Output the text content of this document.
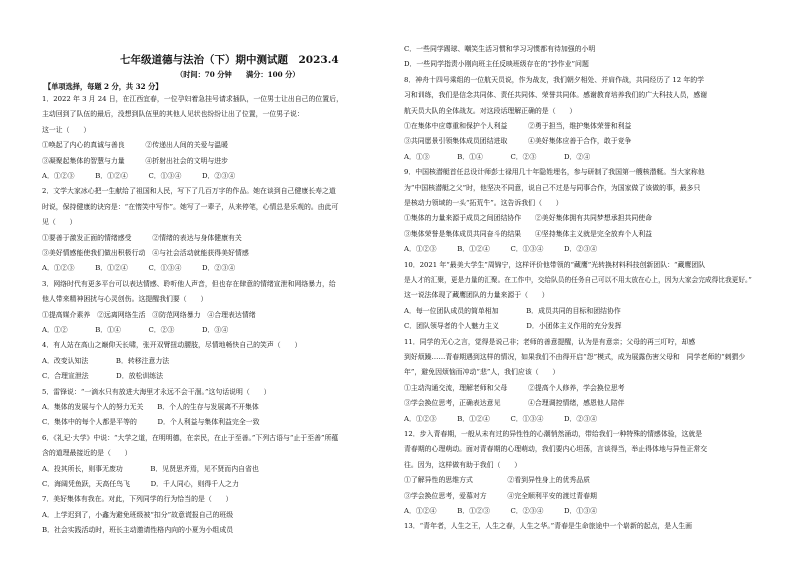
七年级道德与法治（下）期中测试题　2023.4
（时间：70 分钟　　满分：100 分）
【单项选择，每题 2 分，共 32 分】
1．2022 年 3 月 24 日，在江西宜春，一位孕妇着急挂号请求插队，一位男士让出自己的位置后，
主动回到了队伍的最后，没想到队伍里的其他人见状也纷纷让出了位置，一位男子说：
这一让（　　）
①唤起了内心的真诚与善良　　　②传递出人间的关爱与温暖
③凝聚起集体的智慧与力量　　　④折射出社会的文明与进步
A．①②③　　　B．①②④　　　C．①③④　　　D．②③④
2．文学大家冰心把一生献给了祖国和人民，写下了几百万字的作品。她在谈到自己健康长寿之道
时说，保持健康的诀窍是：“在惰笑中写作”。她写了一辈子，从来停笔，心情总是乐观的。由此可
见（　　）
①要善于激发正面的情绪感受　　　②情绪的表达与身体健康有关
③美好情感能使我们做出积极行动　④与社会活动就能获得美好情感
A．①②③　　　B．①②④　　　C．①③④　　　D．②③④
3．网络时代有更多平台可以表达情感、聆听他人声音，但也存在肆意的情绪宣泄和网络暴力，给
他人带来精神困扰与心灵创伤。这提醒我们要（　　）
①提高媒介素养　②远离网络生活　③防范网络暴力　④合理表达情绪
A．①②　　　　B．①④　　　　C．②③　　　　D．③④
4．有人站在高山之巅仰天长啸，张开双臂扭动腰肢，尽情地畅快自己的笑声（　　）
A．改变认知法　　　　B．转移注意力法
C．合理宣泄法　　　　D．放松训练法
5．雷锋说：“一滴水只有放进大海里才永远不会干涸。”这句话说明（　　）
A．集体的发展与个人的努力无关　　B．个人的生存与发展离不开集体
C．集体中的每个人都是平等的　　　D．个人利益与集体利益完全一致
6．《礼记·大学》中说：“大学之道，在明明德，在亲民，在止于至善。”下列古语与“止于至善”所蕴
含的道理最接近的是（　　）
A．投其所长，则事无废功　　　　B．见贤思齐焉，见不贤而内自省也
C．海阔凭鱼跃，天高任鸟飞　　　D．千人同心，则得千人之力
7．美好集体有我在。对此，下列同学的行为恰当的是（　　）
A．上学迟到了，小鑫为避免班级被“扣分”故意谎报自己的班级
B．社会实践活动时，班长主动邀请性格内向的小夏为小组成员
C．一些同学踢球、嘲笑生活习惯和学习习惯都有待加强的小明
D．一些同学指责小刚向班主任反映班级存在的“抄作业”问题
8．神舟十四号乘组的一位航天员说，作为战友，我们朝夕相处、并肩作战，共同经历了 12 年的学
习和训练，我们是信念共同体、责任共同体、荣誉共同体。感谢教育培养我们的广大科技人员，感谢
航天员大队的全体战友。对这段话理解正确的是（　　）
①在集体中应尊重和保护个人利益　　　②勇于担当，维护集体荣誉和利益
③共同愿景引领集体成员团结进取　　　④美好集体应善于合作，敢于竞争
A．①③　　　　B．①④　　　　C．②③　　　　D．②④
9．中国核潜艇首任总设计师彭士禄用几十年隐姓埋名，参与研制了我国第一艘核潜艇。当大家称他
为“中国核潜艇之父”时，他坚决不同意，说自己不过是与同事合作，为国家做了该做的事，最多只
是核动力领域的一头“拓荒牛”。这告诉我们（　　）
①集体的力量来源于成员之间团结协作　　②美好集体拥有共同梦想承担共同使命
③集体荣誉是集体成员共同奋斗的结果　　④坚持集体主义就是完全放弃个人利益
A．①②③　　　B．①②④　　　C．①③④　　　D．②③④
10．2021 年“最美大学生”周锦宁，这样评价他带领的“藏鹰”光转换材料科技创新团队：“藏鹰团队
是人才的汇聚，更是力量的汇聚。在工作中，交给队员的任务自己可以不用太放在心上，因为大家会完成得比我更好。”
这一说法体现了藏鹰团队的力量来源于（　　）
A．每一位团队成员的简单相加　　　　B．成员共同的目标和团结协作
C．团队领导者的个人魅力主义　　　　D．小团体主义作用的充分发挥
11．同学的无心之言，觉得是说己非；老师的善意提醒，认为是有意亲；父母的再三叮咛，却感
到好烦躁……青春期遇到这样的情况，如果我们不由得开启“怨”模式，成为展露伤害父母和　同学老师的“刺猬少
年”，避免因烦恼而冲动“悲”人，我们应该（　　）
①主动沟通交流，理解老师和父母　　　②提高个人修养，学会换位思考
③学会换位思考，正确表达意见　　　　④合理调控情绪，感恩他人陪伴
A．①②③　　　B．①②④　　　C．①③④　　　D．②③④
12．步入青春期，一般从未有过的异性性的心潮悄然涌动，带给我们一种特殊的情感体验，这就是
青春期的心理萌动。面对青春期的心理萌动，我们要内心坦荡，言谈得当，举止得体地与异性正常交
往。因为，这样做有助于我们（　　）
①了解异性的思维方式　　　　　②看到异性身上的优秀品质
③学会换位思考，爱慕对方　　　④完全顺利平安的渡过青春期
A．①②④　　　B．①②③　　　C．②③④　　　D．①③④
13．“青年者，人生之王，人生之春，人生之华。”青春是生命旅途中一个崭新的起点，是人生画
